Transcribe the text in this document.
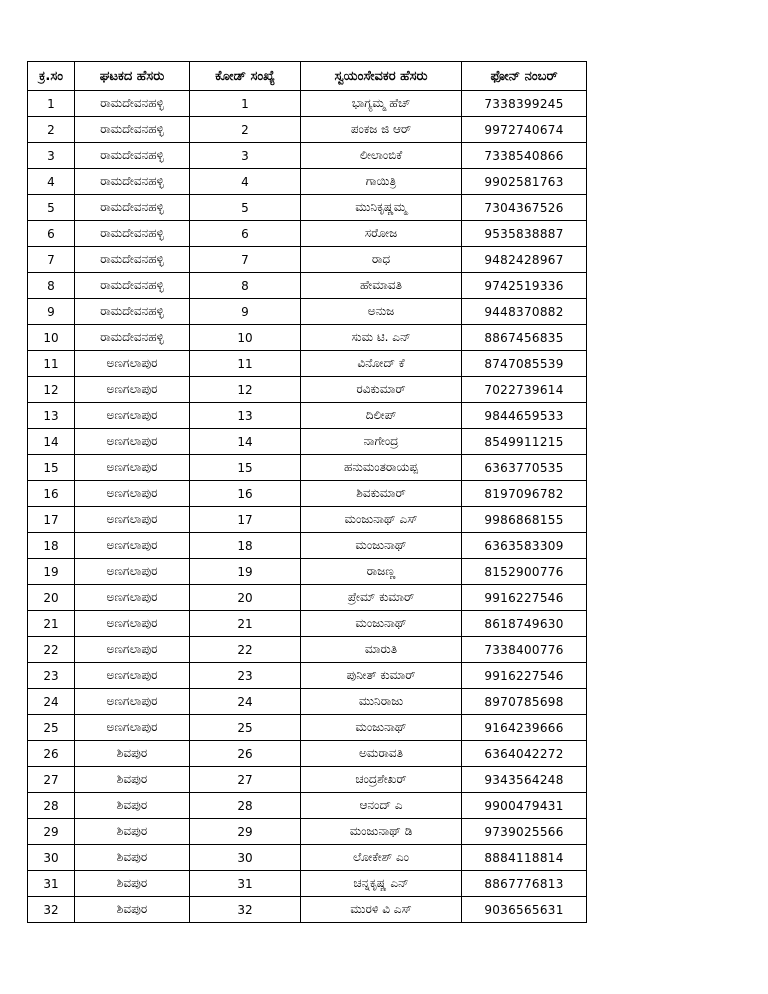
ಕ್ರ.ಸಂ	ಘಟಕದ ಹೆಸರು	ಕೋಡ್ ಸಂಖ್ಯೆ	ಸ್ವಯಂಸೇವಕರ ಹೆಸರು	ಫೋನ್ ನಂಬರ್
1	ರಾಮದೇವನಹಳ್ಳಿ	1	ಭಾಗ್ಯಮ್ಮ ಹೆಚ್	7338399245
2	ರಾಮದೇವನಹಳ್ಳಿ	2	ಪಂಕಜ ಜಿ ಆರ್	9972740674
3	ರಾಮದೇವನಹಳ್ಳಿ	3	ಲೀಲಾಂಬಿಕೆ	7338540866
4	ರಾಮದೇವನಹಳ್ಳಿ	4	ಗಾಯಿತ್ರಿ	9902581763
5	ರಾಮದೇವನಹಳ್ಳಿ	5	ಮುನಿಕೃಷ್ಣಮ್ಮ	7304367526
6	ರಾಮದೇವನಹಳ್ಳಿ	6	ಸರೋಜ	9535838887
7	ರಾಮದೇವನಹಳ್ಳಿ	7	ರಾಧ	9482428967
8	ರಾಮದೇವನಹಳ್ಳಿ	8	ಹೇಮಾವತಿ	9742519336
9	ರಾಮದೇವನಹಳ್ಳಿ	9	ಅನುಜ	9448370882
10	ರಾಮದೇವನಹಳ್ಳಿ	10	ಸುಮ ಟಿ. ಎನ್	8867456835
11	ಅಣಗಲಾಪುರ	11	ವಿನೋದ್ ಕೆ	8747085539
12	ಅಣಗಲಾಪುರ	12	ರವಿಕುಮಾರ್	7022739614
13	ಅಣಗಲಾಪುರ	13	ದಿಲೀಪ್	9844659533
14	ಅಣಗಲಾಪುರ	14	ನಾಗೇಂದ್ರ	8549911215
15	ಅಣಗಲಾಪುರ	15	ಹನುಮಂತರಾಯಪ್ಪ	6363770535
16	ಅಣಗಲಾಪುರ	16	ಶಿವಕುಮಾರ್	8197096782
17	ಅಣಗಲಾಪುರ	17	ಮಂಜುನಾಥ್ ಎಸ್	9986868155
18	ಅಣಗಲಾಪುರ	18	ಮಂಜುನಾಥ್	6363583309
19	ಅಣಗಲಾಪುರ	19	ರಾಜಣ್ಣ	8152900776
20	ಅಣಗಲಾಪುರ	20	ಪ್ರೇಮ್ ಕುಮಾರ್	9916227546
21	ಅಣಗಲಾಪುರ	21	ಮಂಜುನಾಥ್	8618749630
22	ಅಣಗಲಾಪುರ	22	ಮಾರುತಿ	7338400776
23	ಅಣಗಲಾಪುರ	23	ಪುನೀತ್ ಕುಮಾರ್	9916227546
24	ಅಣಗಲಾಪುರ	24	ಮುನಿರಾಜು	8970785698
25	ಅಣಗಲಾಪುರ	25	ಮಂಜುನಾಥ್	9164239666
26	ಶಿವಪುರ	26	ಅಮರಾವತಿ	6364042272
27	ಶಿವಪುರ	27	ಚಂದ್ರಶೇಖರ್	9343564248
28	ಶಿವಪುರ	28	ಆನಂದ್ ಎ	9900479431
29	ಶಿವಪುರ	29	ಮಂಜುನಾಥ್ ಡಿ	9739025566
30	ಶಿವಪುರ	30	ಲೋಕೇಶ್ ಎಂ	8884118814
31	ಶಿವಪುರ	31	ಚನ್ನಕೃಷ್ಣ ಎನ್	8867776813
32	ಶಿವಪುರ	32	ಮುರಳಿ ವಿ ಎಸ್	9036565631
